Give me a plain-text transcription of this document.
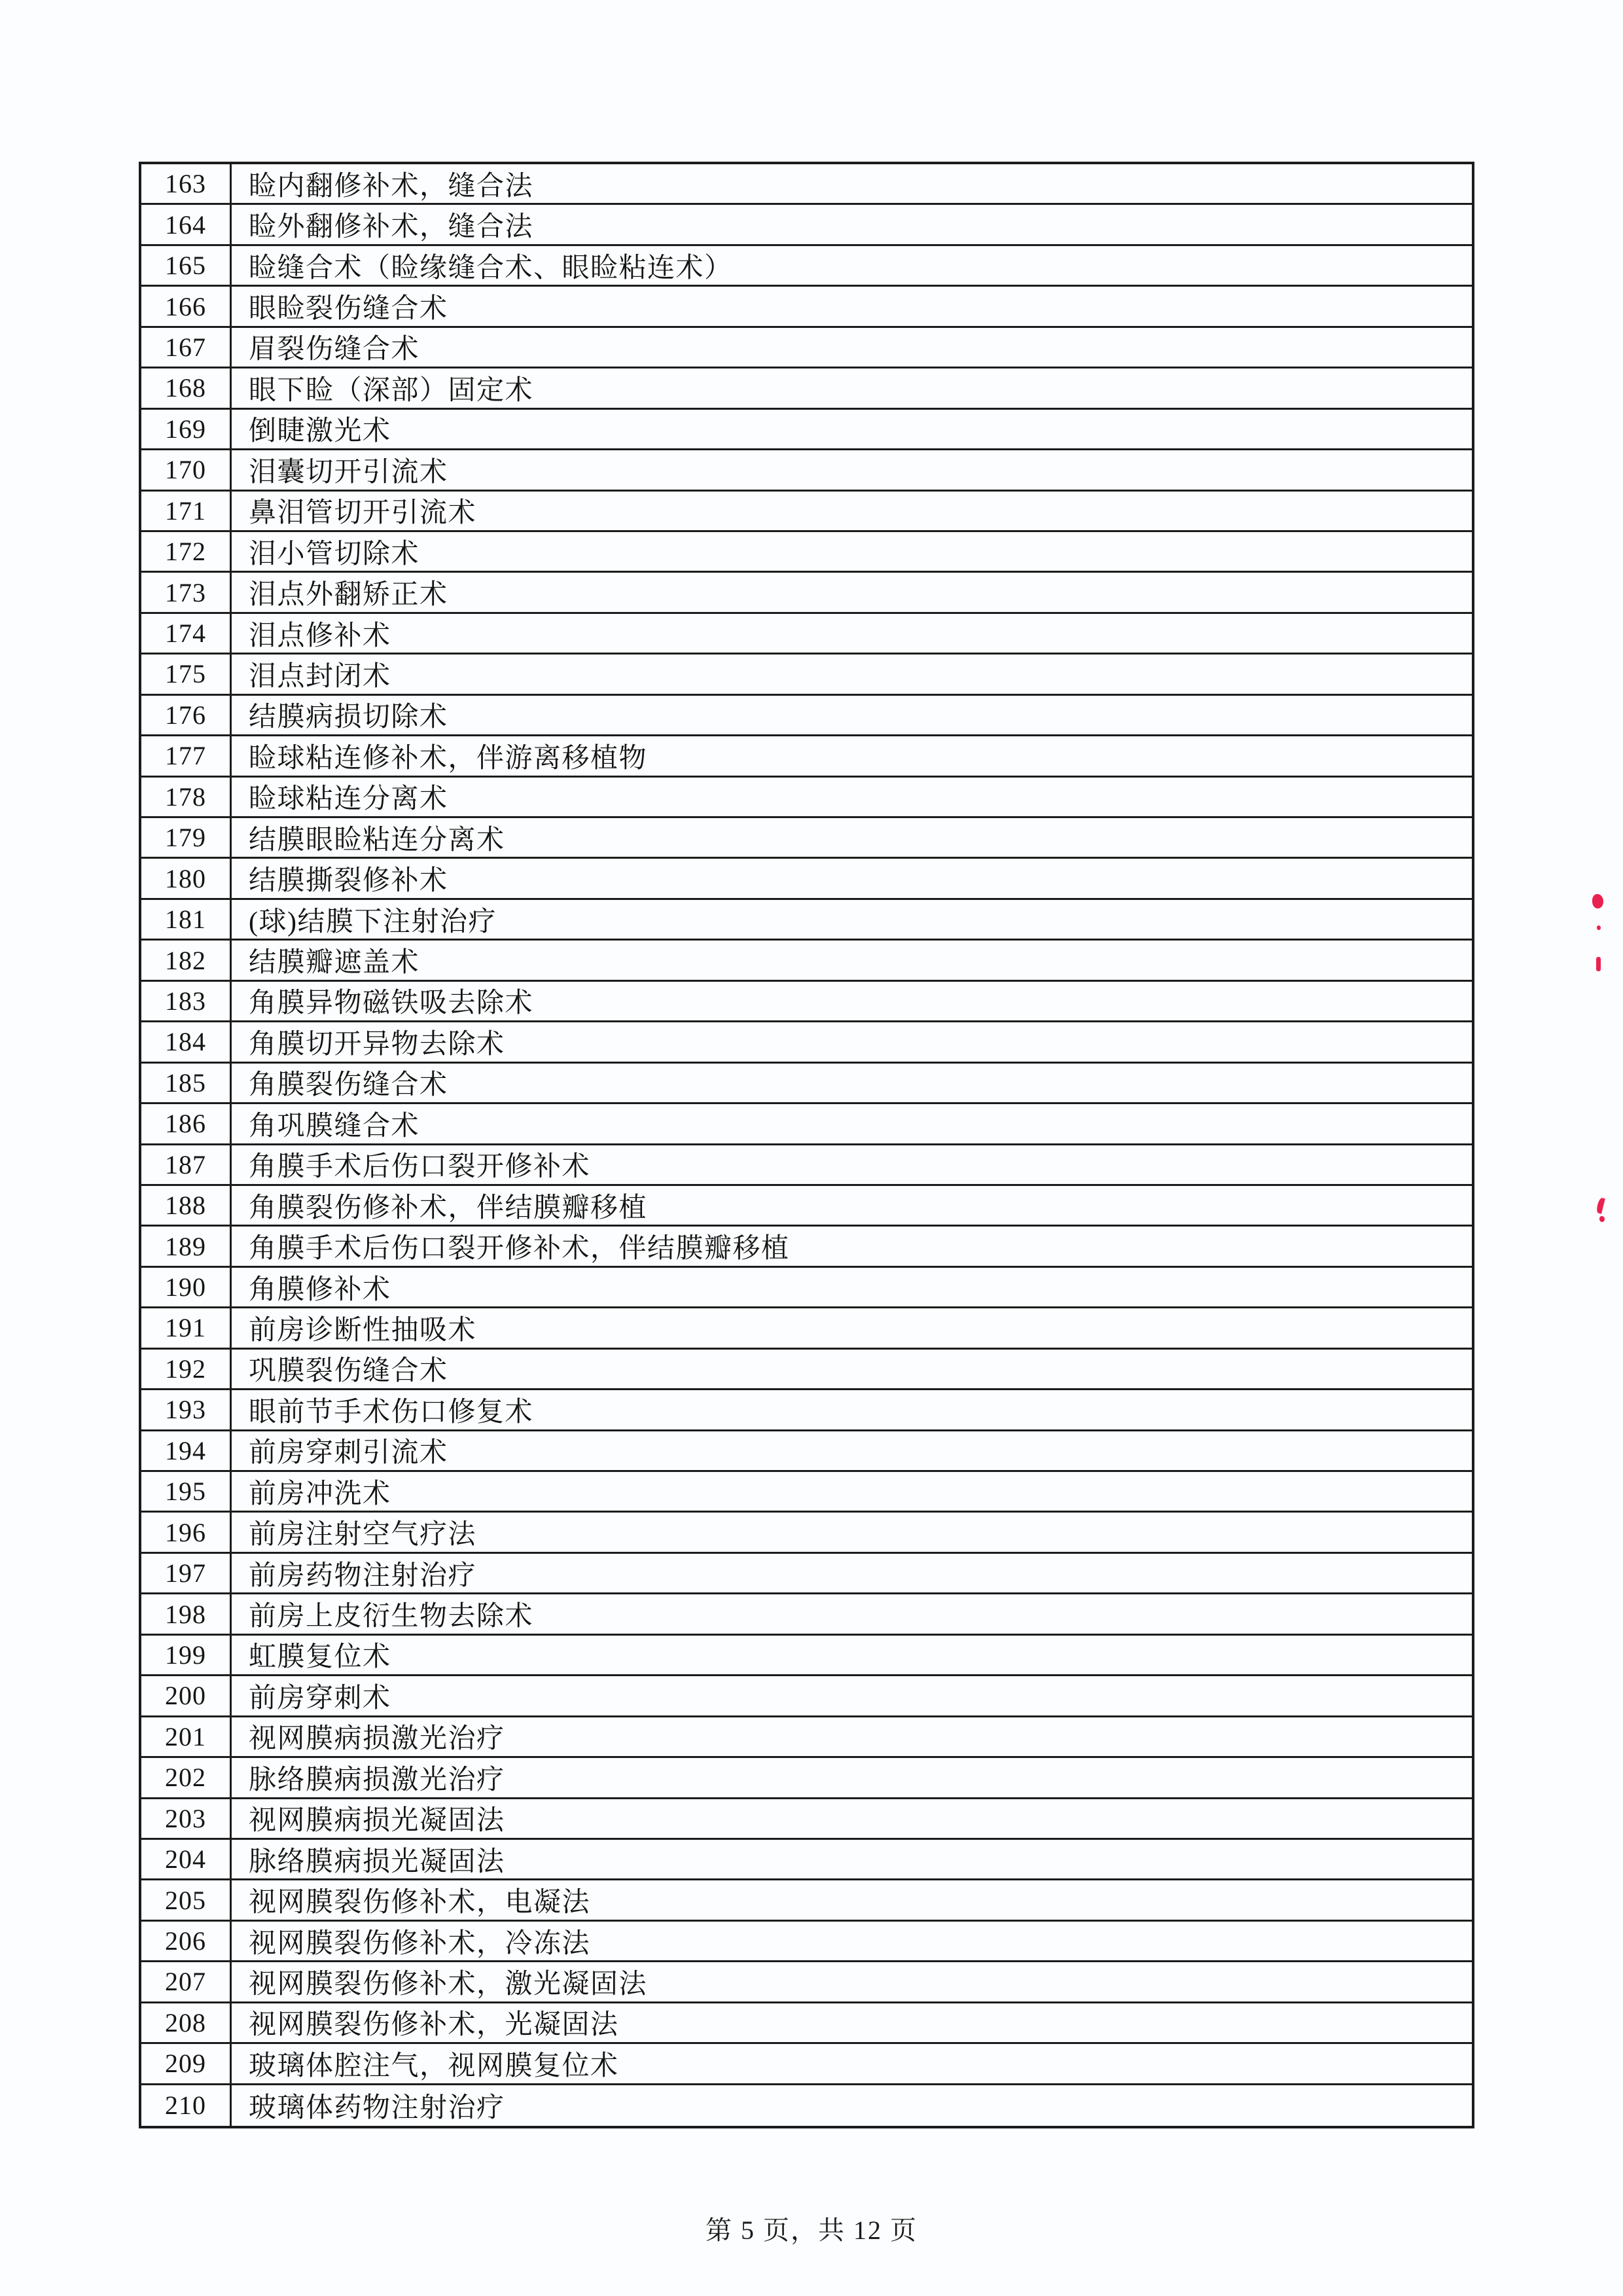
163	睑内翻修补术，缝合法
164	睑外翻修补术，缝合法
165	睑缝合术（睑缘缝合术、眼睑粘连术）
166	眼睑裂伤缝合术
167	眉裂伤缝合术
168	眼下睑（深部）固定术
169	倒睫激光术
170	泪囊切开引流术
171	鼻泪管切开引流术
172	泪小管切除术
173	泪点外翻矫正术
174	泪点修补术
175	泪点封闭术
176	结膜病损切除术
177	睑球粘连修补术，伴游离移植物
178	睑球粘连分离术
179	结膜眼睑粘连分离术
180	结膜撕裂修补术
181	(球)结膜下注射治疗
182	结膜瓣遮盖术
183	角膜异物磁铁吸去除术
184	角膜切开异物去除术
185	角膜裂伤缝合术
186	角巩膜缝合术
187	角膜手术后伤口裂开修补术
188	角膜裂伤修补术，伴结膜瓣移植
189	角膜手术后伤口裂开修补术，伴结膜瓣移植
190	角膜修补术
191	前房诊断性抽吸术
192	巩膜裂伤缝合术
193	眼前节手术伤口修复术
194	前房穿刺引流术
195	前房冲洗术
196	前房注射空气疗法
197	前房药物注射治疗
198	前房上皮衍生物去除术
199	虹膜复位术
200	前房穿刺术
201	视网膜病损激光治疗
202	脉络膜病损激光治疗
203	视网膜病损光凝固法
204	脉络膜病损光凝固法
205	视网膜裂伤修补术，电凝法
206	视网膜裂伤修补术，冷冻法
207	视网膜裂伤修补术，激光凝固法
208	视网膜裂伤修补术，光凝固法
209	玻璃体腔注气，视网膜复位术
210	玻璃体药物注射治疗
第 5 页，共 12 页
